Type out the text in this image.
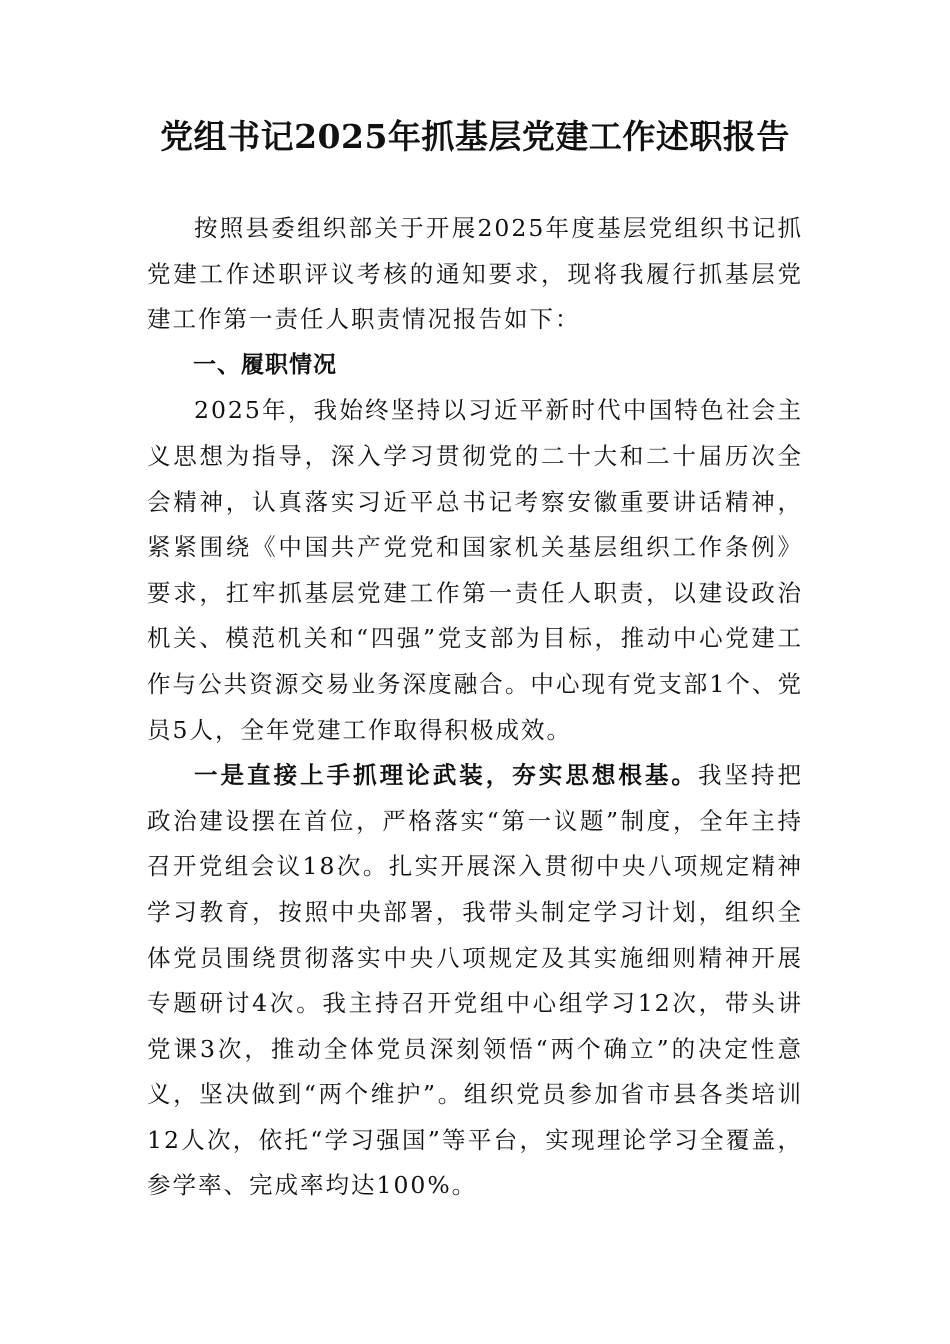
党组书记2025年抓基层党建工作述职报告

按照县委组织部关于开展2025年度基层党组织书记抓党建工作述职评议考核的通知要求，现将我履行抓基层党建工作第一责任人职责情况报告如下：

一、履职情况

2025年，我始终坚持以习近平新时代中国特色社会主义思想为指导，深入学习贯彻党的二十大和二十届历次全会精神，认真落实习近平总书记考察安徽重要讲话精神，紧紧围绕《中国共产党党和国家机关基层组织工作条例》要求，扛牢抓基层党建工作第一责任人职责，以建设政治机关、模范机关和“四强”党支部为目标，推动中心党建工作与公共资源交易业务深度融合。中心现有党支部1个、党员5人，全年党建工作取得积极成效。

一是直接上手抓理论武装，夯实思想根基。我坚持把政治建设摆在首位，严格落实“第一议题”制度，全年主持召开党组会议18次。扎实开展深入贯彻中央八项规定精神学习教育，按照中央部署，我带头制定学习计划，组织全体党员围绕贯彻落实中央八项规定及其实施细则精神开展专题研讨4次。我主持召开党组中心组学习12次，带头讲党课3次，推动全体党员深刻领悟“两个确立”的决定性意义，坚决做到“两个维护”。组织党员参加省市县各类培训12人次，依托“学习强国”等平台，实现理论学习全覆盖，参学率、完成率均达100%。
